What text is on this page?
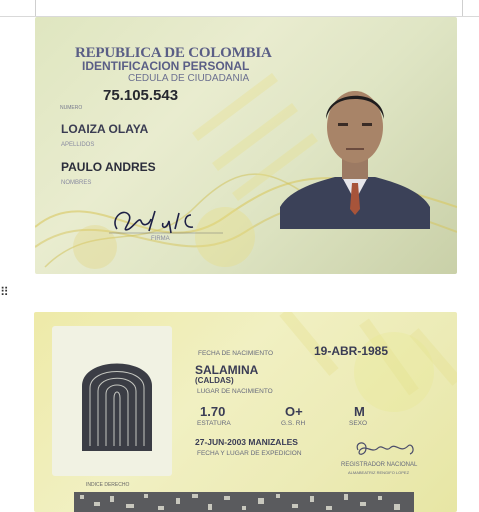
REPUBLICA DE COLOMBIA
IDENTIFICACION PERSONAL
CEDULA DE CIUDADANIA
75.105.543
NUMERO
LOAIZA OLAYA
APELLIDOS
PAULO ANDRES
NOMBRES
FIRMA
⠿
INDICE DERECHO
FECHA DE NACIMIENTO	19-ABR-1985
SALAMINA
(CALDAS)
LUGAR DE NACIMIENTO
1.70
ESTATURA
O+
G.S. RH
M
SEXO
27-JUN-2003 MANIZALES
FECHA Y LUGAR DE EXPEDICION
REGISTRADOR NACIONAL
ALMABEATRIZ RENGIFO LOPEZ
